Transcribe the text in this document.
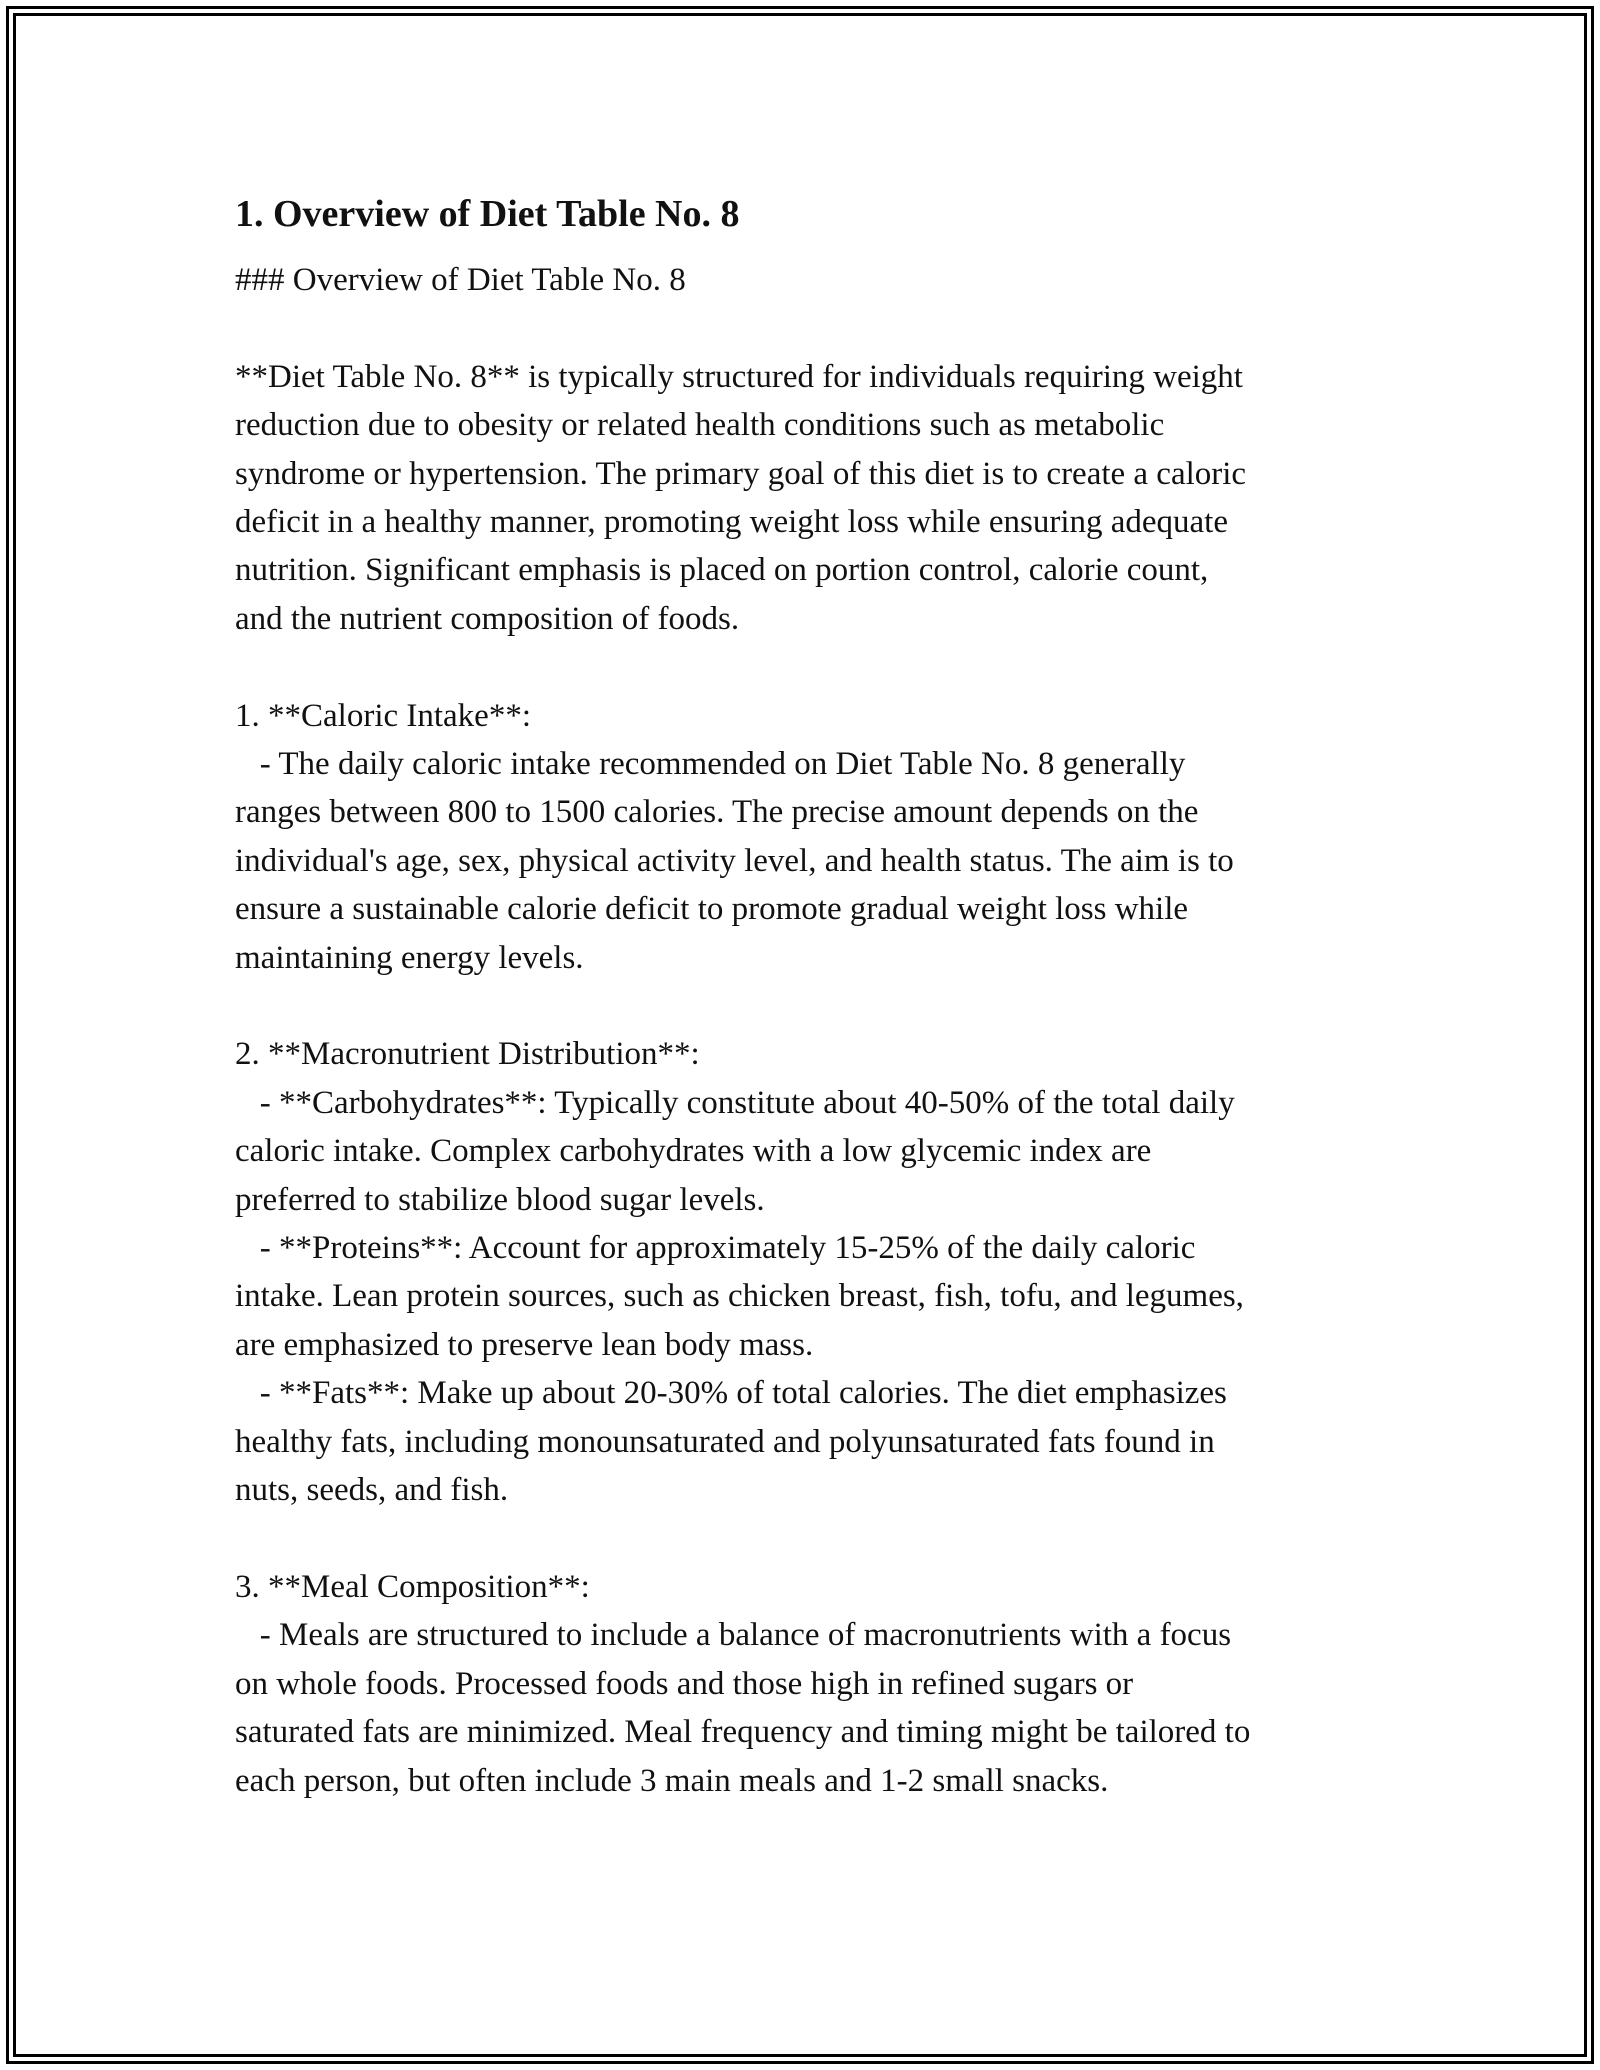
1. Overview of Diet Table No. 8

### Overview of Diet Table No. 8

**Diet Table No. 8** is typically structured for individuals requiring weight

reduction due to obesity or related health conditions such as metabolic

syndrome or hypertension. The primary goal of this diet is to create a caloric

deficit in a healthy manner, promoting weight loss while ensuring adequate

nutrition. Significant emphasis is placed on portion control, calorie count,

and the nutrient composition of foods.

1. **Caloric Intake**:

- The daily caloric intake recommended on Diet Table No. 8 generally

ranges between 800 to 1500 calories. The precise amount depends on the

individual's age, sex, physical activity level, and health status. The aim is to

ensure a sustainable calorie deficit to promote gradual weight loss while

maintaining energy levels.

2. **Macronutrient Distribution**:

- **Carbohydrates**: Typically constitute about 40-50% of the total daily

caloric intake. Complex carbohydrates with a low glycemic index are

preferred to stabilize blood sugar levels.

- **Proteins**: Account for approximately 15-25% of the daily caloric

intake. Lean protein sources, such as chicken breast, fish, tofu, and legumes,

are emphasized to preserve lean body mass.

- **Fats**: Make up about 20-30% of total calories. The diet emphasizes

healthy fats, including monounsaturated and polyunsaturated fats found in

nuts, seeds, and fish.

3. **Meal Composition**:

- Meals are structured to include a balance of macronutrients with a focus

on whole foods. Processed foods and those high in refined sugars or

saturated fats are minimized. Meal frequency and timing might be tailored to

each person, but often include 3 main meals and 1-2 small snacks.
